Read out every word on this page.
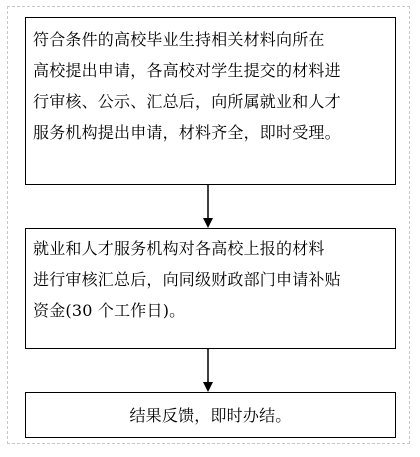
符合条件的高校毕业生持相关材料向所在
高校提出申请，各高校对学生提交的材料进
行审核、公示、汇总后，向所属就业和人才
服务机构提出申请，材料齐全，即时受理。
就业和人才服务机构对各高校上报的材料
进行审核汇总后，向同级财政部门申请补贴
资金(30 个工作日)。
结果反馈，即时办结。
